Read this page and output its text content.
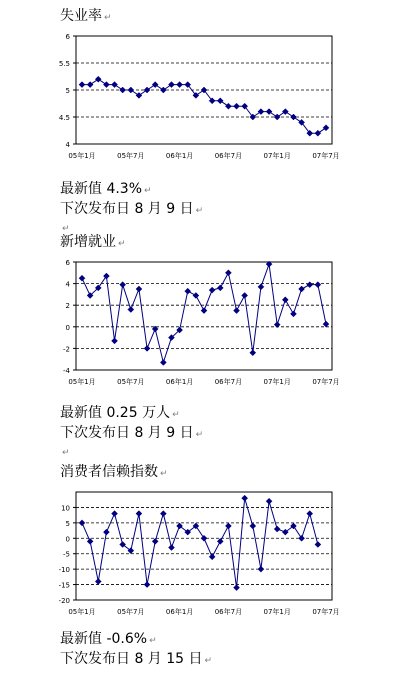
失业率 ↵
4
4.5
5
5.5
6
05年1月	05年7月	06年1月	06年7月	07年1月	07年7月
最新值 4.3% ↵
下次发布日 8 月 9 日 ↵
↵
新增就业 ↵
-4
-2
0
2
4
6
05年1月	05年7月	06年1月	06年7月	07年1月	07年7月
最新值 0.25 万人 ↵
下次发布日 8 月 9 日 ↵
↵
消费者信赖指数 ↵
-20
-15
-10
-5
0
5
10
05年1月	05年7月	06年1月	06年7月	07年1月	07年7月
最新值 -0.6% ↵
下次发布日 8 月 15 日 ↵
